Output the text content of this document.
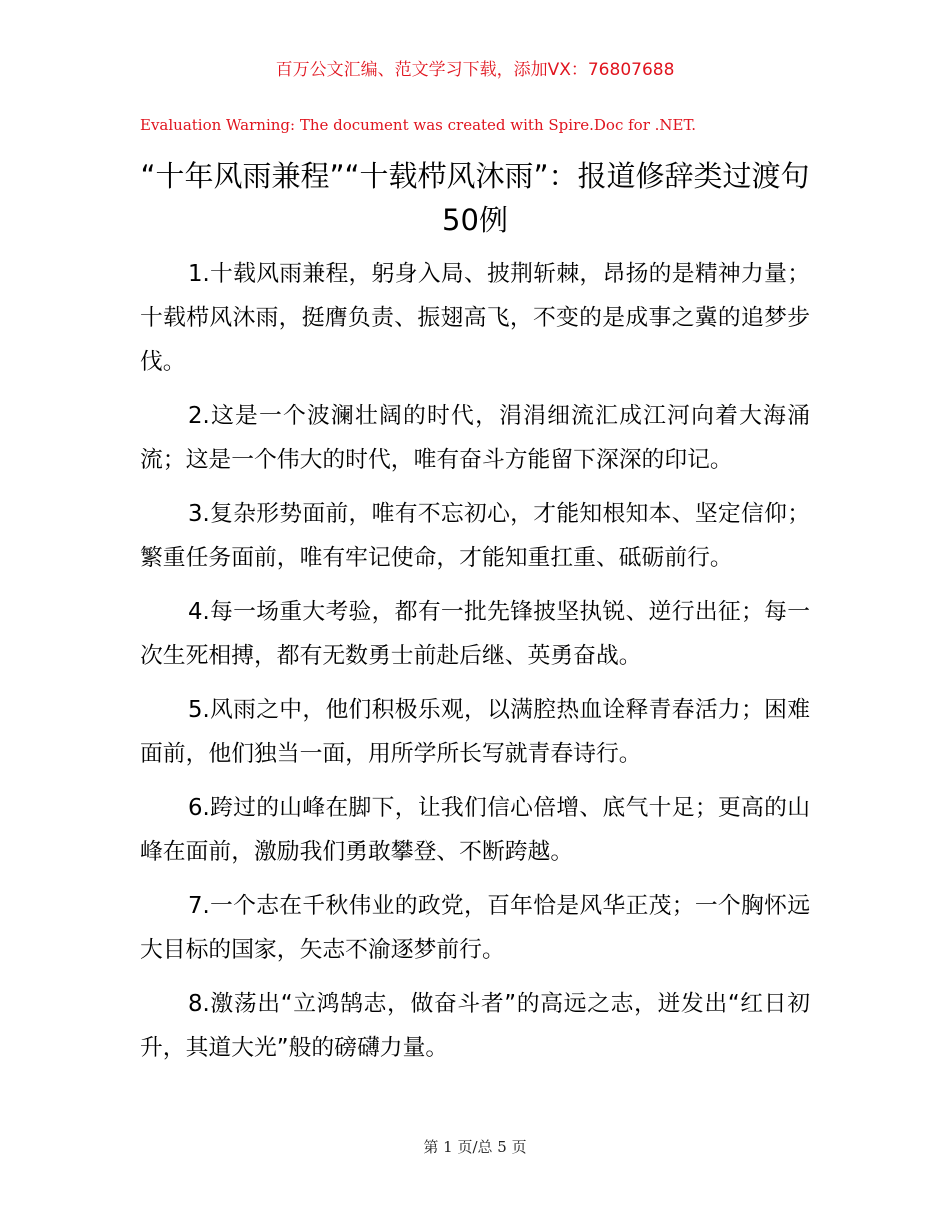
百万公文汇编、范文学习下载，添加VX：76807688
Evaluation Warning: The document was created with Spire.Doc for .NET.
“十年风雨兼程”“十载栉风沐雨”：报道修辞类过渡句50例

1.十载风雨兼程，躬身入局、披荆斩棘，昂扬的是精神力量；十载栉风沐雨，挺膺负责、振翅高飞，不变的是成事之冀的追梦步伐。

2.这是一个波澜壮阔的时代，涓涓细流汇成江河向着大海涌流；这是一个伟大的时代，唯有奋斗方能留下深深的印记。

3.复杂形势面前，唯有不忘初心，才能知根知本、坚定信仰；繁重任务面前，唯有牢记使命，才能知重扛重、砥砺前行。

4.每一场重大考验，都有一批先锋披坚执锐、逆行出征；每一次生死相搏，都有无数勇士前赴后继、英勇奋战。

5.风雨之中，他们积极乐观，以满腔热血诠释青春活力；困难面前，他们独当一面，用所学所长写就青春诗行。

6.跨过的山峰在脚下，让我们信心倍增、底气十足；更高的山峰在面前，激励我们勇敢攀登、不断跨越。

7.一个志在千秋伟业的政党，百年恰是风华正茂；一个胸怀远大目标的国家，矢志不渝逐梦前行。

8.激荡出“立鸿鹄志，做奋斗者”的高远之志，迸发出“红日初升，其道大光”般的磅礴力量。

第 1 页/总 5 页
